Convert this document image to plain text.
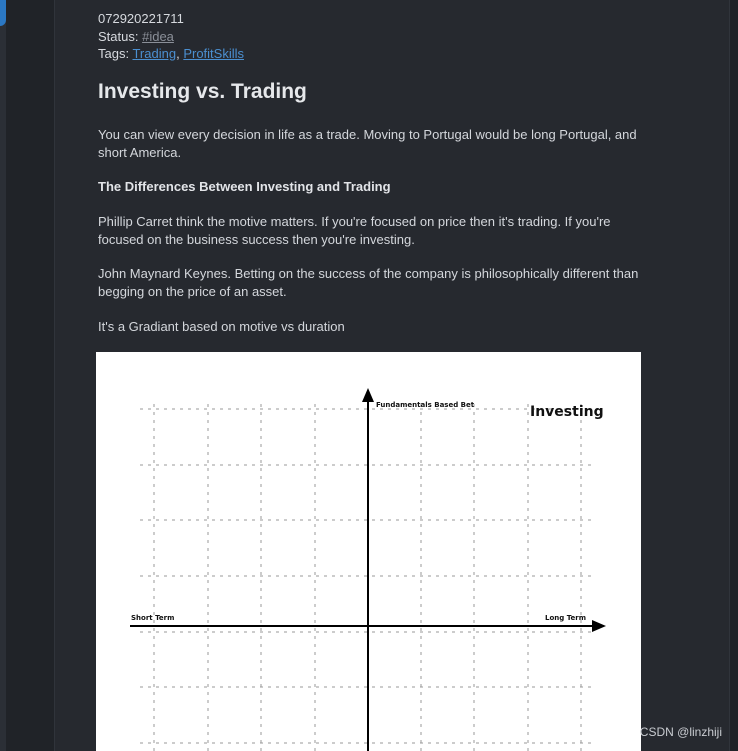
072920221711
Status: #idea
Tags: Trading, ProfitSkills
Investing vs. Trading

You can view every decision in life as a trade. Moving to Portugal would be long Portugal, and short America.

The Differences Between Investing and Trading

Phillip Carret think the motive matters. If you're focused on price then it's trading. If you're focused on the business success then you're investing.

John Maynard Keynes. Betting on the success of the company is philosophically different than begging on the price of an asset.

It's a Gradiant based on motive vs duration

Fundamentals Based Bet	Investing
Short Term	Long Term
CSDN @linzhiji
